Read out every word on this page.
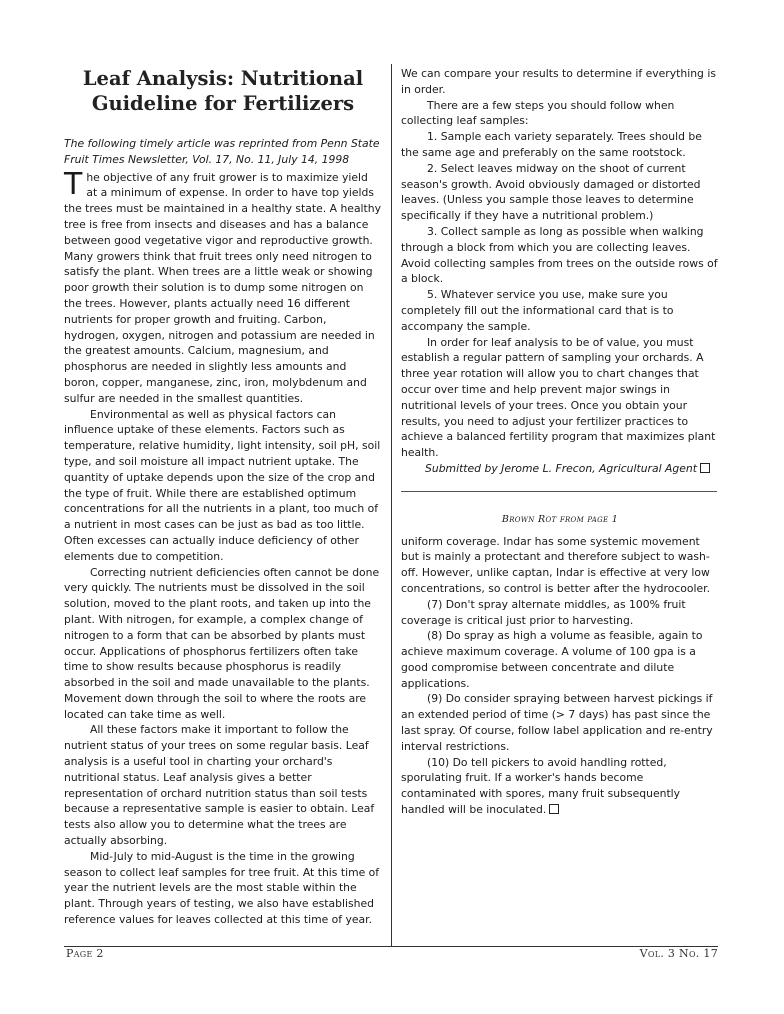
Leaf Analysis: Nutritional
Guideline for Fertilizers

The following timely article was reprinted from Penn State Fruit Times Newsletter, Vol. 17, No. 11, July 14, 1998

The objective of any fruit grower is to maximize yield at a minimum of expense. In order to have top yields the trees must be maintained in a healthy state. A healthy tree is free from insects and diseases and has a balance between good vegetative vigor and reproductive growth. Many growers think that fruit trees only need nitrogen to satisfy the plant. When trees are a little weak or showing poor growth their solution is to dump some nitrogen on the trees. However, plants actually need 16 different nutrients for proper growth and fruiting. Carbon, hydrogen, oxygen, nitrogen and potassium are needed in the greatest amounts. Calcium, magnesium, and phosphorus are needed in slightly less amounts and boron, copper, manganese, zinc, iron, molybdenum and sulfur are needed in the smallest quantities.

Environmental as well as physical factors can influence uptake of these elements. Factors such as temperature, relative humidity, light intensity, soil pH, soil type, and soil moisture all impact nutrient uptake. The quantity of uptake depends upon the size of the crop and the type of fruit. While there are established optimum concentrations for all the nutrients in a plant, too much of a nutrient in most cases can be just as bad as too little. Often excesses can actually induce deficiency of other elements due to competition.

Correcting nutrient deficiencies often cannot be done very quickly. The nutrients must be dissolved in the soil solution, moved to the plant roots, and taken up into the plant. With nitrogen, for example, a complex change of nitrogen to a form that can be absorbed by plants must occur. Applications of phosphorus fertilizers often take time to show results because phosphorus is readily absorbed in the soil and made unavailable to the plants. Movement down through the soil to where the roots are located can take time as well.

All these factors make it important to follow the nutrient status of your trees on some regular basis. Leaf analysis is a useful tool in charting your orchard's nutritional status. Leaf analysis gives a better representation of orchard nutrition status than soil tests because a representative sample is easier to obtain. Leaf tests also allow you to determine what the trees are actually absorbing.

Mid-July to mid-August is the time in the growing season to collect leaf samples for tree fruit. At this time of year the nutrient levels are the most stable within the plant. Through years of testing, we also have established reference values for leaves collected at this time of year.

We can compare your results to determine if everything is in order.

There are a few steps you should follow when collecting leaf samples:

1. Sample each variety separately. Trees should be the same age and preferably on the same rootstock.

2. Select leaves midway on the shoot of current season's growth. Avoid obviously damaged or distorted leaves. (Unless you sample those leaves to determine specifically if they have a nutritional problem.)

3. Collect sample as long as possible when walking through a block from which you are collecting leaves. Avoid collecting samples from trees on the outside rows of a block.

5. Whatever service you use, make sure you completely fill out the informational card that is to accompany the sample.

In order for leaf analysis to be of value, you must establish a regular pattern of sampling your orchards. A three year rotation will allow you to chart changes that occur over time and help prevent major swings in nutritional levels of your trees. Once you obtain your results, you need to adjust your fertilizer practices to achieve a balanced fertility program that maximizes plant health.

Submitted by Jerome L. Frecon, Agricultural Agent

Brown Rot from page 1

uniform coverage. Indar has some systemic movement but is mainly a protectant and therefore subject to wash-off. However, unlike captan, Indar is effective at very low concentrations, so control is better after the hydrocooler.

(7) Don't spray alternate middles, as 100% fruit coverage is critical just prior to harvesting.

(8) Do spray as high a volume as feasible, again to achieve maximum coverage. A volume of 100 gpa is a good compromise between concentrate and dilute applications.

(9) Do consider spraying between harvest pickings if an extended period of time (> 7 days) has past since the last spray. Of course, follow label application and re-entry interval restrictions.

(10) Do tell pickers to avoid handling rotted, sporulating fruit. If a worker's hands become contaminated with spores, many fruit subsequently handled will be inoculated.

Page 2	Vol. 3 No. 17
